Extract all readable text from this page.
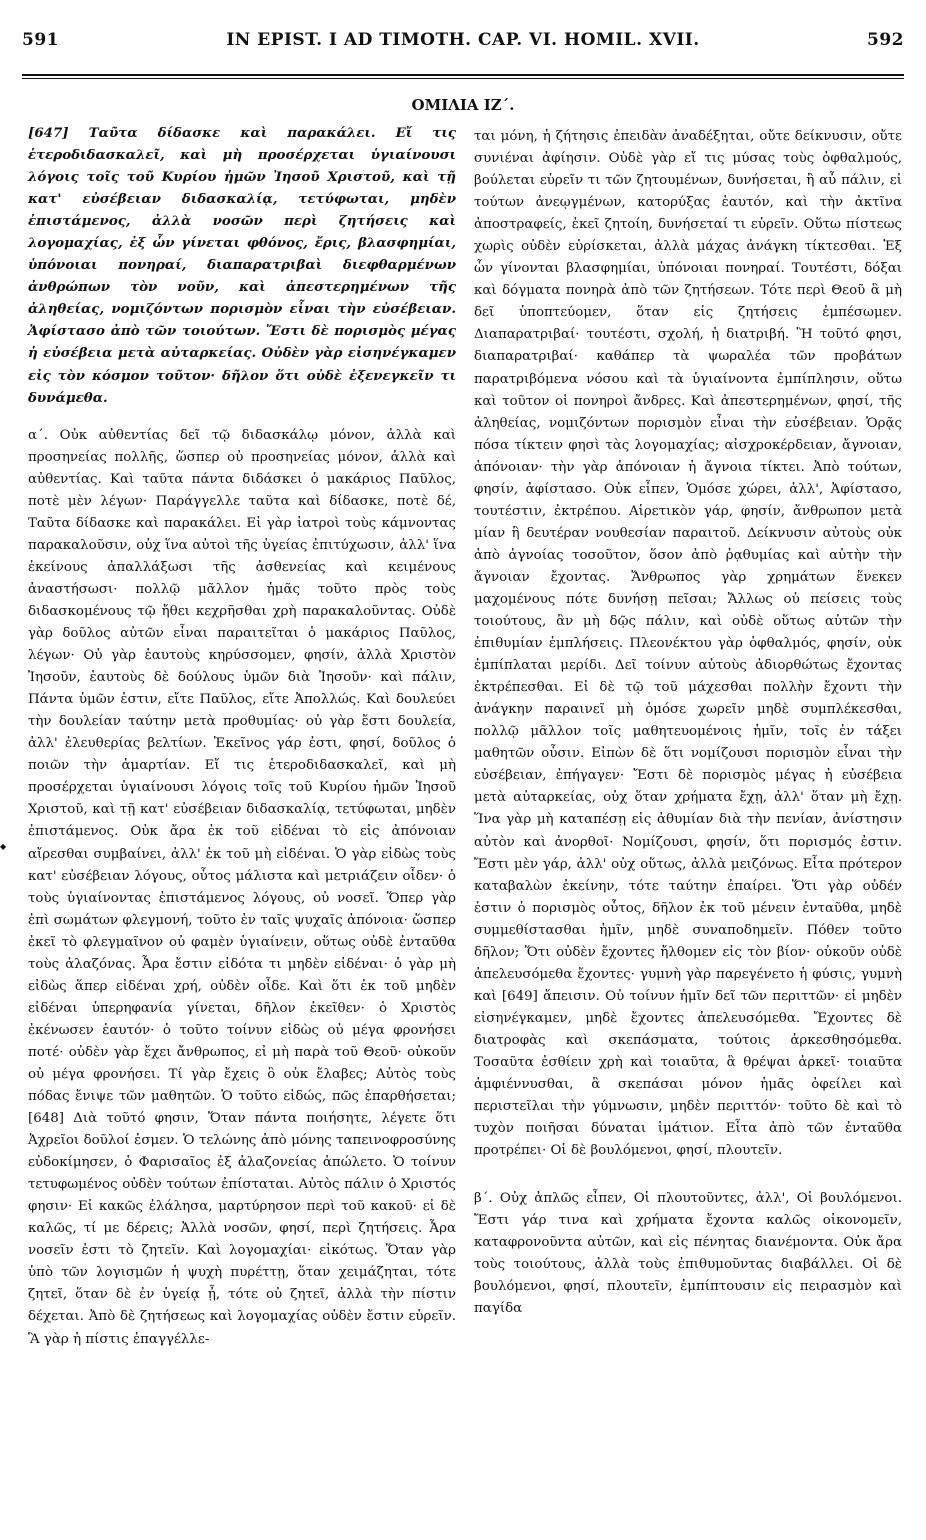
591	IN EPIST. I AD TIMOTH. CAP. VI. HOMIL. XVII.	592
ΟΜΙΛΙΑ ΙΖ΄.

[647] Ταῦτα δίδασκε καὶ παρακάλει. Εἴ τις ἑτεροδιδασκαλεῖ, καὶ μὴ προσέρχεται ὑγιαίνουσι λόγοις τοῖς τοῦ Κυρίου ἡμῶν Ἰησοῦ Χριστοῦ, καὶ τῇ κατ' εὐσέβειαν διδασκαλίᾳ, τετύφωται, μηδὲν ἐπιστάμενος, ἀλλὰ νοσῶν περὶ ζητήσεις καὶ λογομαχίας, ἐξ ὧν γίνεται φθόνος, ἔρις, βλασφημίαι, ὑπόνοιαι πονηραί, διαπαρατριβαὶ διεφθαρμένων ἀνθρώπων τὸν νοῦν, καὶ ἀπεστερημένων τῆς ἀληθείας, νομιζόντων πορισμὸν εἶναι τὴν εὐσέβειαν. Ἀφίστασο ἀπὸ τῶν τοιούτων. Ἔστι δὲ πορισμὸς μέγας ἡ εὐσέβεια μετὰ αὐταρκείας. Οὐδὲν γὰρ εἰσηνέγκαμεν εἰς τὸν κόσμον τοῦτον· δῆλον ὅτι οὐδὲ ἐξενεγκεῖν τι δυνάμεθα.

α΄. Οὐκ αὐθεντίας δεῖ τῷ διδασκάλῳ μόνον, ἀλλὰ καὶ προσηνείας πολλῆς, ὥσπερ οὐ προσηνείας μόνον, ἀλλὰ καὶ αὐθεντίας. Καὶ ταῦτα πάντα διδάσκει ὁ μακάριος Παῦλος, ποτὲ μὲν λέγων· Παράγγελλε ταῦτα καὶ δίδασκε, ποτὲ δέ, Ταῦτα δίδασκε καὶ παρακάλει. Εἰ γὰρ ἰατροὶ τοὺς κάμνοντας παρακαλοῦσιν, οὐχ ἵνα αὐτοὶ τῆς ὑγείας ἐπιτύχωσιν, ἀλλ' ἵνα ἐκείνους ἀπαλλάξωσι τῆς ἀσθενείας καὶ κειμένους ἀναστήσωσι· πολλῷ μᾶλλον ἡμᾶς τοῦτο πρὸς τοὺς διδασκομένους τῷ ἤθει κεχρῆσθαι χρὴ παρακαλοῦντας. Οὐδὲ γὰρ δοῦλος αὐτῶν εἶναι παραιτεῖται ὁ μακάριος Παῦλος, λέγων· Οὐ γὰρ ἑαυτοὺς κηρύσσομεν, φησίν, ἀλλὰ Χριστὸν Ἰησοῦν, ἑαυτοὺς δὲ δούλους ὑμῶν διὰ Ἰησοῦν· καὶ πάλιν, Πάντα ὑμῶν ἐστιν, εἴτε Παῦλος, εἴτε Ἀπολλώς. Καὶ δουλεύει τὴν δουλείαν ταύτην μετὰ προθυμίας· οὐ γὰρ ἔστι δουλεία, ἀλλ' ἐλευθερίας βελτίων. Ἐκεῖνος γάρ ἐστι, φησί, δοῦλος ὁ ποιῶν τὴν ἁμαρτίαν. Εἴ τις ἑτεροδιδασκαλεῖ, καὶ μὴ προσέρχεται ὑγιαίνουσι λόγοις τοῖς τοῦ Κυρίου ἡμῶν Ἰησοῦ Χριστοῦ, καὶ τῇ κατ' εὐσέβειαν διδασκαλίᾳ, τετύφωται, μηδὲν ἐπιστάμενος. Οὐκ ἄρα ἐκ τοῦ εἰδέναι τὸ εἰς ἀπόνοιαν αἴρεσθαι συμβαίνει, ἀλλ' ἐκ τοῦ μὴ εἰδέναι. Ὁ γὰρ εἰδὼς τοὺς κατ' εὐσέβειαν λόγους, οὗτος μάλιστα καὶ μετριάζειν οἶδεν· ὁ τοὺς ὑγιαίνοντας ἐπιστάμενος λόγους, οὐ νοσεῖ. Ὅπερ γὰρ ἐπὶ σωμάτων φλεγμονή, τοῦτο ἐν ταῖς ψυχαῖς ἀπόνοια· ὥσπερ ἐκεῖ τὸ φλεγμαῖνον οὐ φαμὲν ὑγιαίνειν, οὕτως οὐδὲ ἐνταῦθα τοὺς ἀλαζόνας. Ἆρα ἔστιν εἰδότα τι μηδὲν εἰδέναι· ὁ γὰρ μὴ εἰδὼς ἅπερ εἰδέναι χρή, οὐδὲν οἶδε. Καὶ ὅτι ἐκ τοῦ μηδὲν εἰδέναι ὑπερηφανία γίνεται, δῆλον ἐκεῖθεν· ὁ Χριστὸς ἐκένωσεν ἑαυτόν· ὁ τοῦτο τοίνυν εἰδὼς οὐ μέγα φρονήσει ποτέ· οὐδὲν γὰρ ἔχει ἄνθρωπος, εἰ μὴ παρὰ τοῦ Θεοῦ· οὐκοῦν οὐ μέγα φρονήσει. Τί γὰρ ἔχεις ὃ οὐκ ἔλαβες; Αὐτὸς τοὺς πόδας ἔνιψε τῶν μαθητῶν. Ὁ τοῦτο εἰδώς, πῶς ἐπαρθήσεται; [648] Διὰ τοῦτό φησιν, Ὅταν πάντα ποιήσητε, λέγετε ὅτι Ἀχρεῖοι δοῦλοί ἐσμεν. Ὁ τελώνης ἀπὸ μόνης ταπεινοφροσύνης εὐδοκίμησεν, ὁ Φαρισαῖος ἐξ ἀλαζονείας ἀπώλετο. Ὁ τοίνυν τετυφωμένος οὐδὲν τούτων ἐπίσταται. Αὐτὸς πάλιν ὁ Χριστός φησιν· Εἰ κακῶς ἐλάλησα, μαρτύρησον περὶ τοῦ κακοῦ· εἰ δὲ καλῶς, τί με δέρεις; Ἀλλὰ νοσῶν, φησί, περὶ ζητήσεις. Ἆρα νοσεῖν ἐστι τὸ ζητεῖν. Καὶ λογομαχίαι· εἰκότως. Ὅταν γὰρ ὑπὸ τῶν λογισμῶν ἡ ψυχὴ πυρέττῃ, ὅταν χειμάζηται, τότε ζητεῖ, ὅταν δὲ ἐν ὑγείᾳ ᾖ, τότε οὐ ζητεῖ, ἀλλὰ τὴν πίστιν δέχεται. Ἀπὸ δὲ ζητήσεως καὶ λογομαχίας οὐδὲν ἔστιν εὑρεῖν. Ἃ γὰρ ἡ πίστις ἐπαγγέλλε-

ται μόνη, ἡ ζήτησις ἐπειδὰν ἀναδέξηται, οὔτε δείκνυσιν, οὔτε συνιέναι ἀφίησιν. Οὐδὲ γὰρ εἴ τις μύσας τοὺς ὀφθαλμούς, βούλεται εὑρεῖν τι τῶν ζητουμένων, δυνήσεται, ἢ αὖ πάλιν, εἰ τούτων ἀνεῳγμένων, κατορύξας ἑαυτόν, καὶ τὴν ἀκτῖνα ἀποστραφείς, ἐκεῖ ζητοίη, δυνήσεταί τι εὑρεῖν. Οὕτω πίστεως χωρὶς οὐδὲν εὑρίσκεται, ἀλλὰ μάχας ἀνάγκη τίκτεσθαι. Ἐξ ὧν γίνονται βλασφημίαι, ὑπόνοιαι πονηραί. Τουτέστι, δόξαι καὶ δόγματα πονηρὰ ἀπὸ τῶν ζητήσεων. Τότε περὶ Θεοῦ ἃ μὴ δεῖ ὑποπτεύομεν, ὅταν εἰς ζητήσεις ἐμπέσωμεν. Διαπαρατριβαί· τουτέστι, σχολή, ἡ διατριβή. Ἢ τοῦτό φησι, διαπαρατριβαί· καθάπερ τὰ ψωραλέα τῶν προβάτων παρατριβόμενα νόσου καὶ τὰ ὑγιαίνοντα ἐμπίπλησιν, οὕτω καὶ τοῦτον οἱ πονηροὶ ἄνδρες. Καὶ ἀπεστερημένων, φησί, τῆς ἀληθείας, νομιζόντων πορισμὸν εἶναι τὴν εὐσέβειαν. Ὁρᾷς πόσα τίκτειν φησὶ τὰς λογομαχίας; αἰσχροκέρδειαν, ἄγνοιαν, ἀπόνοιαν· τὴν γὰρ ἀπόνοιαν ἡ ἄγνοια τίκτει. Ἀπὸ τούτων, φησίν, ἀφίστασο. Οὐκ εἶπεν, Ὁμόσε χώρει, ἀλλ', Ἀφίστασο, τουτέστιν, ἐκτρέπου. Αἱρετικὸν γάρ, φησίν, ἄνθρωπον μετὰ μίαν ἢ δευτέραν νουθεσίαν παραιτοῦ. Δείκνυσιν αὐτοὺς οὐκ ἀπὸ ἀγνοίας τοσοῦτον, ὅσον ἀπὸ ῥᾳθυμίας καὶ αὐτὴν τὴν ἄγνοιαν ἔχοντας. Ἄνθρωπος γὰρ χρημάτων ἕνεκεν μαχομένους πότε δυνήσῃ πεῖσαι; Ἄλλως οὐ πείσεις τοὺς τοιούτους, ἂν μὴ δῷς πάλιν, καὶ οὐδὲ οὕτως αὐτῶν τὴν ἐπιθυμίαν ἐμπλήσεις. Πλεονέκτου γὰρ ὀφθαλμός, φησίν, οὐκ ἐμπίπλαται μερίδι. Δεῖ τοίνυν αὐτοὺς ἀδιορθώτως ἔχοντας ἐκτρέπεσθαι. Εἰ δὲ τῷ τοῦ μάχεσθαι πολλὴν ἔχοντι τὴν ἀνάγκην παραινεῖ μὴ ὁμόσε χωρεῖν μηδὲ συμπλέκεσθαι, πολλῷ μᾶλλον τοῖς μαθητευομένοις ἡμῖν, τοῖς ἐν τάξει μαθητῶν οὖσιν. Εἰπὼν δὲ ὅτι νομίζουσι πορισμὸν εἶναι τὴν εὐσέβειαν, ἐπήγαγεν· Ἔστι δὲ πορισμὸς μέγας ἡ εὐσέβεια μετὰ αὐταρκείας, οὐχ ὅταν χρήματα ἔχῃ, ἀλλ' ὅταν μὴ ἔχῃ. Ἵνα γὰρ μὴ καταπέσῃ εἰς ἀθυμίαν διὰ τὴν πενίαν, ἀνίστησιν αὐτὸν καὶ ἀνορθοῖ· Νομίζουσι, φησίν, ὅτι πορισμός ἐστιν. Ἔστι μὲν γάρ, ἀλλ' οὐχ οὕτως, ἀλλὰ μειζόνως. Εἶτα πρότερον καταβαλὼν ἐκείνην, τότε ταύτην ἐπαίρει. Ὅτι γὰρ οὐδέν ἐστιν ὁ πορισμὸς οὗτος, δῆλον ἐκ τοῦ μένειν ἐνταῦθα, μηδὲ συμμεθίστασθαι ἡμῖν, μηδὲ συναποδημεῖν. Πόθεν τοῦτο δῆλον; Ὅτι οὐδὲν ἔχοντες ἤλθομεν εἰς τὸν βίον· οὐκοῦν οὐδὲ ἀπελευσόμεθα ἔχοντες· γυμνὴ γὰρ παρεγένετο ἡ φύσις, γυμνὴ καὶ [649] ἄπεισιν. Οὐ τοίνυν ἡμῖν δεῖ τῶν περιττῶν· εἰ μηδὲν εἰσηνέγκαμεν, μηδὲ ἔχοντες ἀπελευσόμεθα. Ἔχοντες δὲ διατροφὰς καὶ σκεπάσματα, τούτοις ἀρκεσθησόμεθα. Τοσαῦτα ἐσθίειν χρὴ καὶ τοιαῦτα, ἃ θρέψαι ἀρκεῖ· τοιαῦτα ἀμφιέννυσθαι, ἃ σκεπάσαι μόνον ἡμᾶς ὀφείλει καὶ περιστεῖλαι τὴν γύμνωσιν, μηδὲν περιττόν· τοῦτο δὲ καὶ τὸ τυχὸν ποιῆσαι δύναται ἱμάτιον. Εἶτα ἀπὸ τῶν ἐνταῦθα προτρέπει· Οἱ δὲ βουλόμενοι, φησί, πλουτεῖν.

β΄. Οὐχ ἁπλῶς εἶπεν, Οἱ πλουτοῦντες, ἀλλ', Οἱ βουλόμενοι. Ἔστι γάρ τινα καὶ χρήματα ἔχοντα καλῶς οἰκονομεῖν, καταφρονοῦντα αὐτῶν, καὶ εἰς πένητας διανέμοντα. Οὐκ ἄρα τοὺς τοιούτους, ἀλλὰ τοὺς ἐπιθυμοῦντας διαβάλλει. Οἱ δὲ βουλόμενοι, φησί, πλουτεῖν, ἐμπίπτουσιν εἰς πειρασμὸν καὶ παγίδα

◆
